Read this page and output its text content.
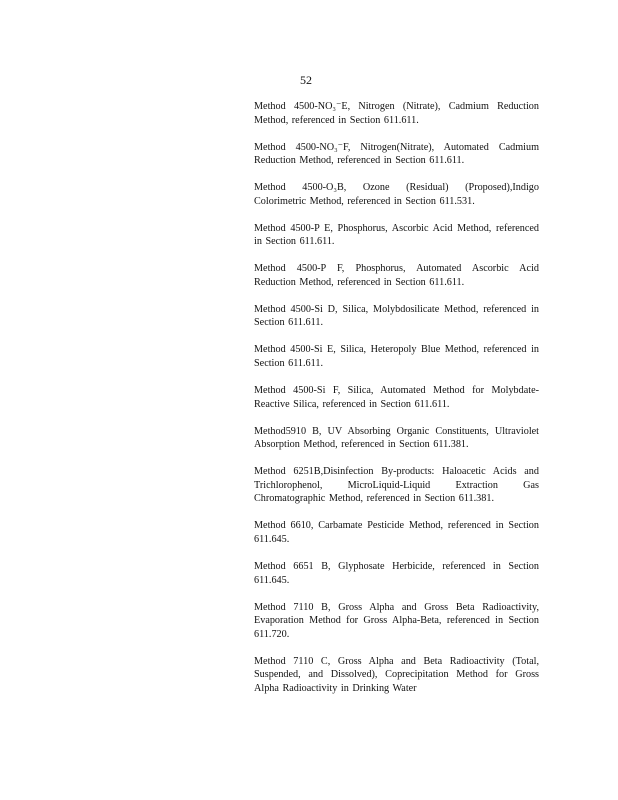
52

Method 4500-NO₃⁻E, Nitrogen (Nitrate), Cadmium Reduction Method, referenced in Section 611.611.

Method 4500-NO₃⁻F, Nitrogen(Nitrate), Automated Cadmium Reduction Method, referenced in Section 611.611.

Method 4500-O₃B, Ozone (Residual) (Proposed),Indigo Colorimetric Method, referenced in Section 611.531.

Method 4500-P E, Phosphorus, Ascorbic Acid Method, referenced in Section 611.611.

Method 4500-P F, Phosphorus, Automated Ascorbic Acid Reduction Method, referenced in Section 611.611.

Method 4500-Si D, Silica, Molybdosilicate Method, referenced in Section 611.611.

Method 4500-Si E, Silica, Heteropoly Blue Method, referenced in Section 611.611.

Method 4500-Si F, Silica, Automated Method for Molybdate-Reactive Silica, referenced in Section 611.611.

Method5910 B, UV Absorbing Organic Constituents, Ultraviolet Absorption Method, referenced in Section 611.381.

Method 6251B,Disinfection By-products: Haloacetic Acids and Trichlorophenol, MicroLiquid-Liquid Extraction Gas Chromatographic Method, referenced in Section 611.381.

Method 6610, Carbamate Pesticide Method, referenced in Section 611.645.

Method 6651 B, Glyphosate Herbicide, referenced in Section 611.645.

Method 7110 B, Gross Alpha and Gross Beta Radioactivity, Evaporation Method for Gross Alpha-Beta, referenced in Section 611.720.

Method 7110 C, Gross Alpha and Beta Radioactivity (Total, Suspended, and Dissolved), Coprecipitation Method for Gross Alpha Radioactivity in Drinking Water
